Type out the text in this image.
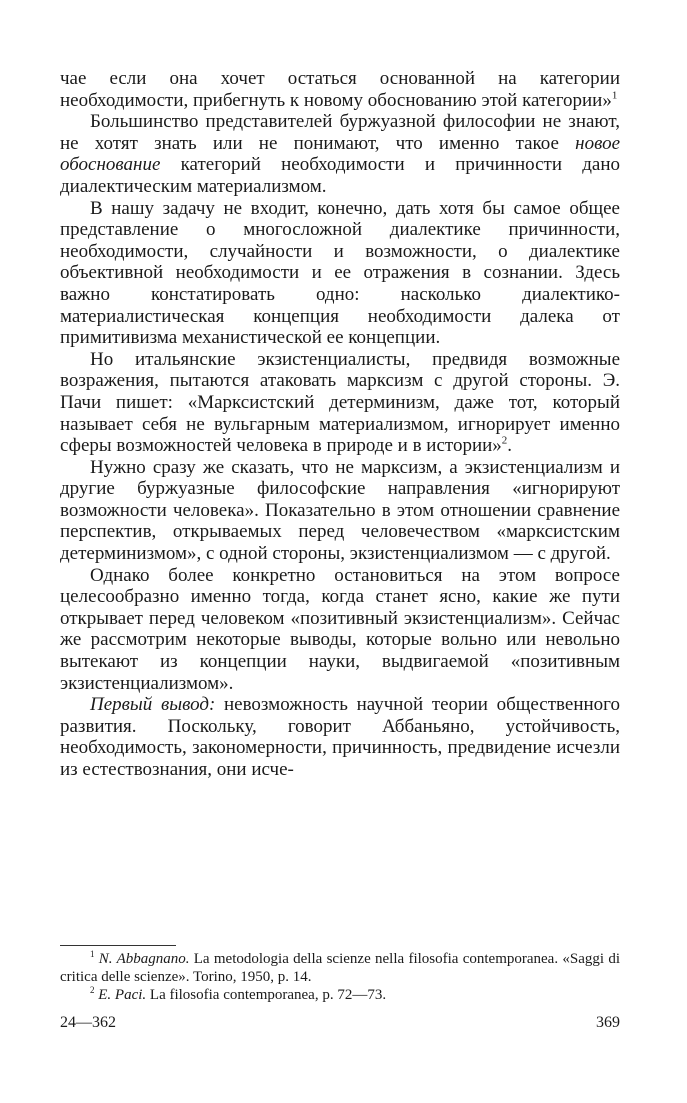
чае если она хочет остаться основанной на категории необходимости, прибегнуть к новому обоснованию этой категории»$^1$

Большинство представителей буржуазной философии не знают, не хотят знать или не понимают, что именно такое новое обоснование категорий необходимости и причинности дано диалектическим материализмом.

В нашу задачу не входит, конечно, дать хотя бы самое общее представление о многосложной диалектике причинности, необходимости, случайности и возможности, о диалектике объективной необходимости и ее отражения в сознании. Здесь важно констатировать одно: насколько диалектико-материалистическая концепция необходимости далека от примитивизма механистической ее концепции.

Но итальянские экзистенциалисты, предвидя возможные возражения, пытаются атаковать марксизм с другой стороны. Э. Пачи пишет: «Марксистский детерминизм, даже тот, который называет себя не вульгарным материализмом, игнорирует именно сферы возможностей человека в природе и в истории»$^2$.

Нужно сразу же сказать, что не марксизм, а экзистенциализм и другие буржуазные философские направления «игнорируют возможности человека». Показательно в этом отношении сравнение перспектив, открываемых перед человечеством «марксистским детерминизмом», с одной стороны, экзистенциализмом — с другой.

Однако более конкретно остановиться на этом вопросе целесообразно именно тогда, когда станет ясно, какие же пути открывает перед человеком «позитивный экзистенциализм». Сейчас же рассмотрим некоторые выводы, которые вольно или невольно вытекают из концепции науки, выдвигаемой «позитивным экзистенциализмом».

Первый вывод: невозможность научной теории общественного развития. Поскольку, говорит Аббаньяно, устойчивость, необходимость, закономерности, причинность, предвидение исчезли из естествознания, они исче-

$^1$ N. Abbagnano. La metodologia della scienze nella filosofia contemporanea. «Saggi di critica delle scienze». Torino, 1950, p. 14.

$^2$ E. Paci. La filosofia contemporanea, p. 72—73.

24—362	369
